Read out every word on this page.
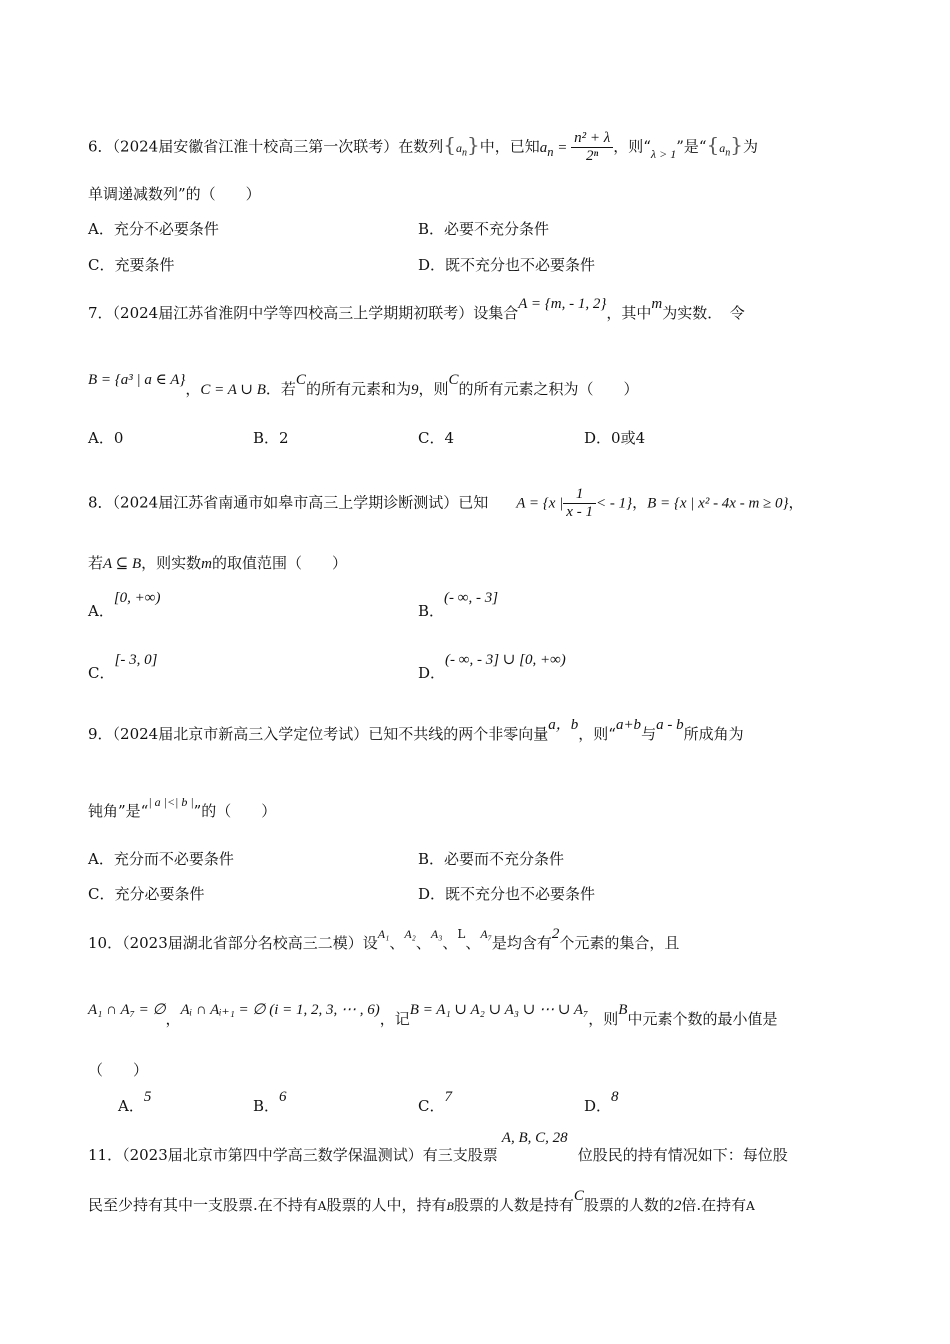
6．（2024届安徽省江淮十校高三第一次联考）在数列$\{a_n\}$中，已知$a_n = \frac{\text{n² + λ}}{\text{2ⁿ}}$ ，则“$_{\lambda > 1}$”是“$\{a_n\}$为
单调递减数列”的（　　）
A．充分不必要条件	B．必要不充分条件
C．充要条件	D．既不充分也不必要条件
7．（2024届江苏省淮阴中学等四校高三上学期期初联考）设集合A = {m, - 1, 2}，其中m为实数．　令
B = {a³ | a ∈ A}，C = A ∪ B．若C的所有元素和为9，则C的所有元素之积为（　　）
A．0	B．2	C．4	D．0或4
8．（2024届江苏省南通市如皋市高三上学期诊断测试）已知 A = {x | $\frac{1}{x - 1}$ < - 1}，B = {x | x² - 4x - m ≥ 0}，
若A ⊆ B，则实数m的取值范围（　　）
A．[0, +∞)
B．(- ∞, - 3]
C．[- 3, 0]
D．(- ∞, - 3] ∪ [0, +∞)
9．（2024届北京市新高三入学定位考试）已知不共线的两个非零向量a，b，则“a+b与a - b所成角为
钝角”是“$^{| a |<| b |}$”的（　　）
A．充分而不必要条件	B．必要而不充分条件
C．充分必要条件	D．既不充分也不必要条件
10．（2023届湖北省部分名校高三二模）设$^{A_1}$、$^{A_2}$、$^{A_3}$、$^L$、$^{A_7}$是均含有2个元素的集合，且
A₁ ∩ A₇ = ∅，Aᵢ ∩ Aᵢ₊₁ = ∅ (i = 1, 2, 3, ⋯ , 6)，记B = A₁ ∪ A₂ ∪ A₃ ∪ ⋯ ∪ A₇，则B中元素个数的最小值是
（　　）
A．5	B．6	C．7	D．8
11．（2023届北京市第四中学高三数学保温测试）有三支股票A, B, C, 28位股民的持有情况如下：每位股
民至少持有其中一支股票.在不持有A股票的人中，持有B股票的人数是持有C股票的人数的2倍.在持有A
